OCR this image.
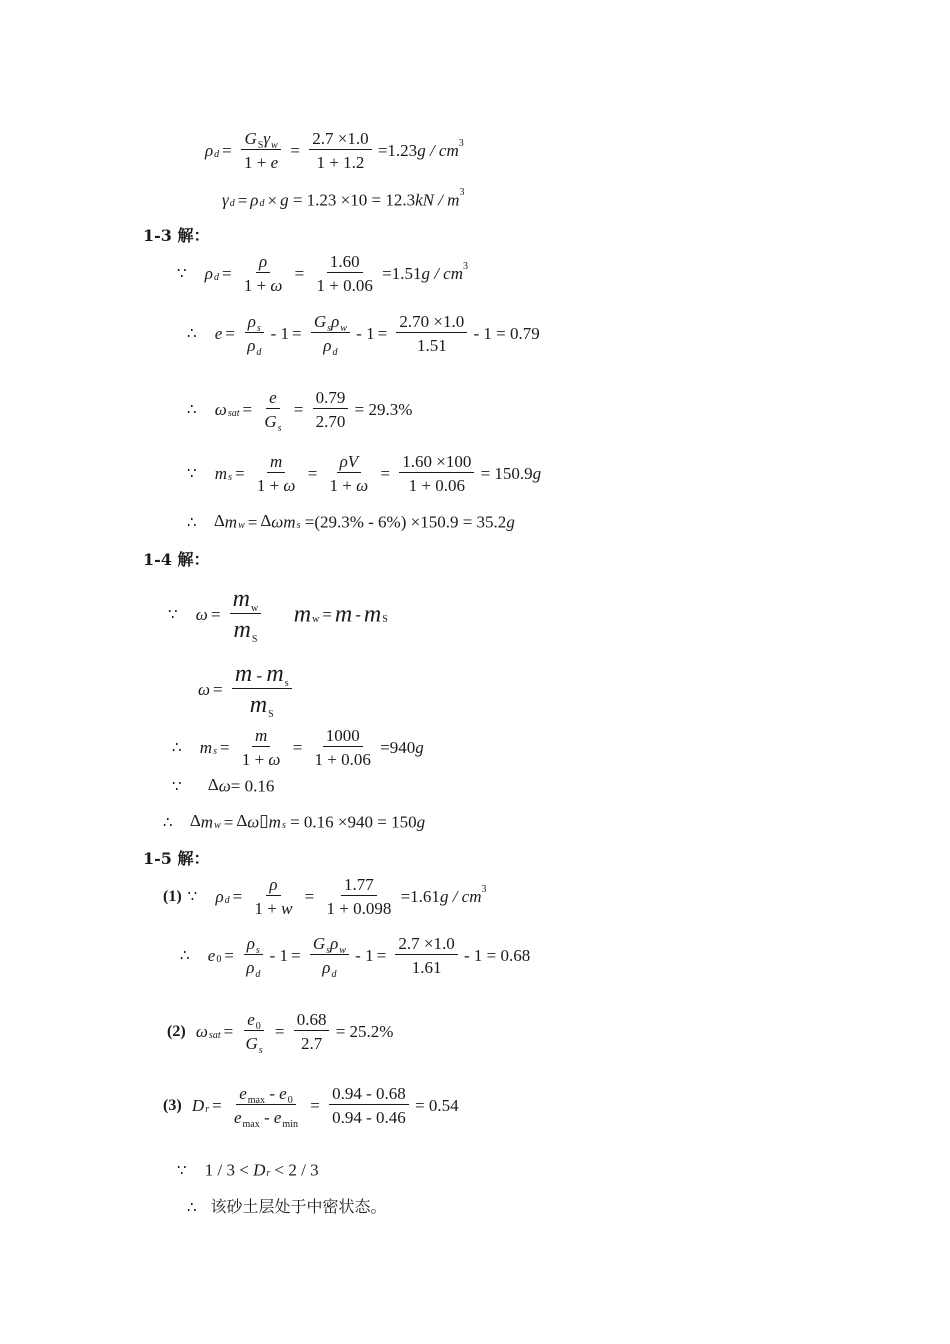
$\rho_d = \frac{G_S\gamma_w}{1 + e} = \frac{2.7 \times 1.0}{1 + 1.2} =1.23g / cm^3$
$\gamma_d = \rho_d \times g = 1.23 \times 10 = 12.3kN / m^3$
1-3 解：
∵ $\rho_d = \frac{\rho}{1 + \omega} = \frac{1.60}{1 + 0.06} =1.51g / cm^3$
∴ $e = \frac{\rho_s}{\rho_d} - 1 = \frac{G_s\rho_w}{\rho_d} - 1 = \frac{2.70 \times 1.0}{1.51} - 1 = 0.79$
∴ $\omega_{sat} = \frac{e}{G_s} = \frac{0.79}{2.70} = 29.3\%$
∵ $m_s = \frac{m}{1 + \omega} = \frac{\rho V}{1 + \omega} = \frac{1.60 \times 100}{1 + 0.06} = 150.9g$
∴ $\Delta m_w = \Delta\omega m_s =(29.3\% - 6\%) \times 150.9 = 35.2g$
1-4 解：
∵ $\omega = \frac{m_w}{m_S} m_w = m - m_S$
$\omega = \frac{m - m_s}{m_S}$
∴ $m_s = \frac{m}{1 + \omega} = \frac{1000}{1 + 0.06} =940g$
∵ Δω= 0.16
∴ $\Delta m_w$ = $\Delta\omega▯m_s = 0.16 \times 940 = 150g$
1-5 解：
(1) ∵ $\rho_d = \frac{\rho}{1 + w} = \frac{1.77}{1 + 0.098} =1.61g / cm^3$
∴ $e_0 = \frac{\rho_s}{\rho_d} - 1 = \frac{G_s\rho_w}{\rho_d} - 1 = \frac{2.7 \times 1.0}{1.61} - 1 = 0.68$
(2) $\omega_{sat} = \frac{e_0}{G_s} = \frac{0.68}{2.7} = 25.2\%$
(3) $D_r = \frac{e_{max} - e_0}{e_{max} - e_{min}} = \frac{0.94 - 0.68}{0.94 - 0.46} = 0.54$
∵ $1 / 3 < D_r < 2 / 3$
∴ 该砂土层处于中密状态。
